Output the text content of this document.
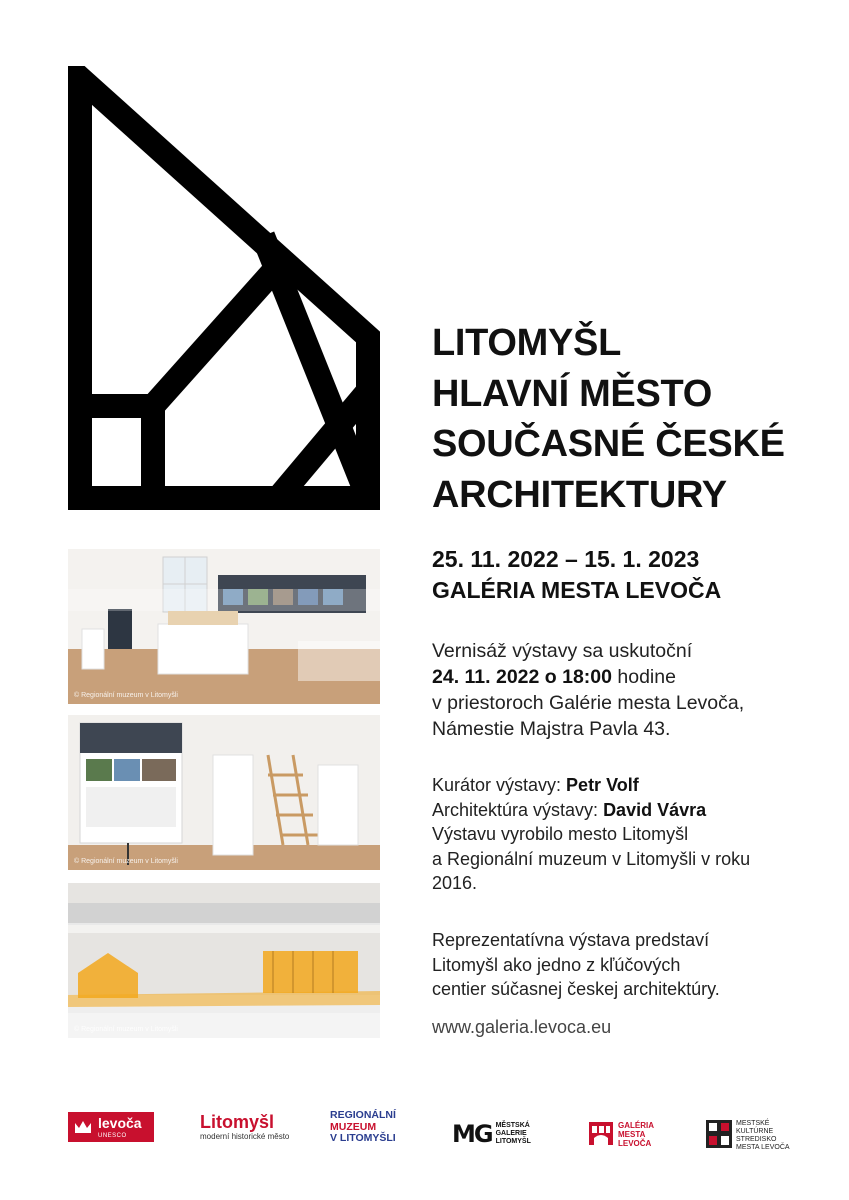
LITOMYŠL
HLAVNÍ MĚSTO
SOUČASNÉ ČESKÉ
ARCHITEKTURY
25. 11. 2022 – 15. 1. 2023
GALÉRIA MESTA LEVOČA
Vernisáž výstavy sa uskutoční
24. 11. 2022 o 18:00 hodine
v priestoroch Galérie mesta Levoča,
Námestie Majstra Pavla 43.
Kurátor výstavy: Petr Volf
Architektúra výstavy: David Vávra
Výstavu vyrobilo mesto Litomyšl
a Regionální muzeum v Litomyšli v roku
2016.
Reprezentatívna výstava predstaví
Litomyšl ako jedno z kľúčových
centier súčasnej českej architektúry.
www.galeria.levoca.eu
© Regionální muzeum v Litomyšli
© Regionální muzeum v Litomyšli
© Regionální muzeum v Litomyšli
levoča
UNESCO
Litomyšl
moderní historické město
REGIONÁLNÍ
MUZEUM
V LITOMYŠLI MG MĚSTSKÁ
GALERIE
LITOMYŠL
GALÉRIA
MESTA
LEVOČA
MESTSKÉ
KULTÚRNE
STREDISKO
MESTA LEVOČA
